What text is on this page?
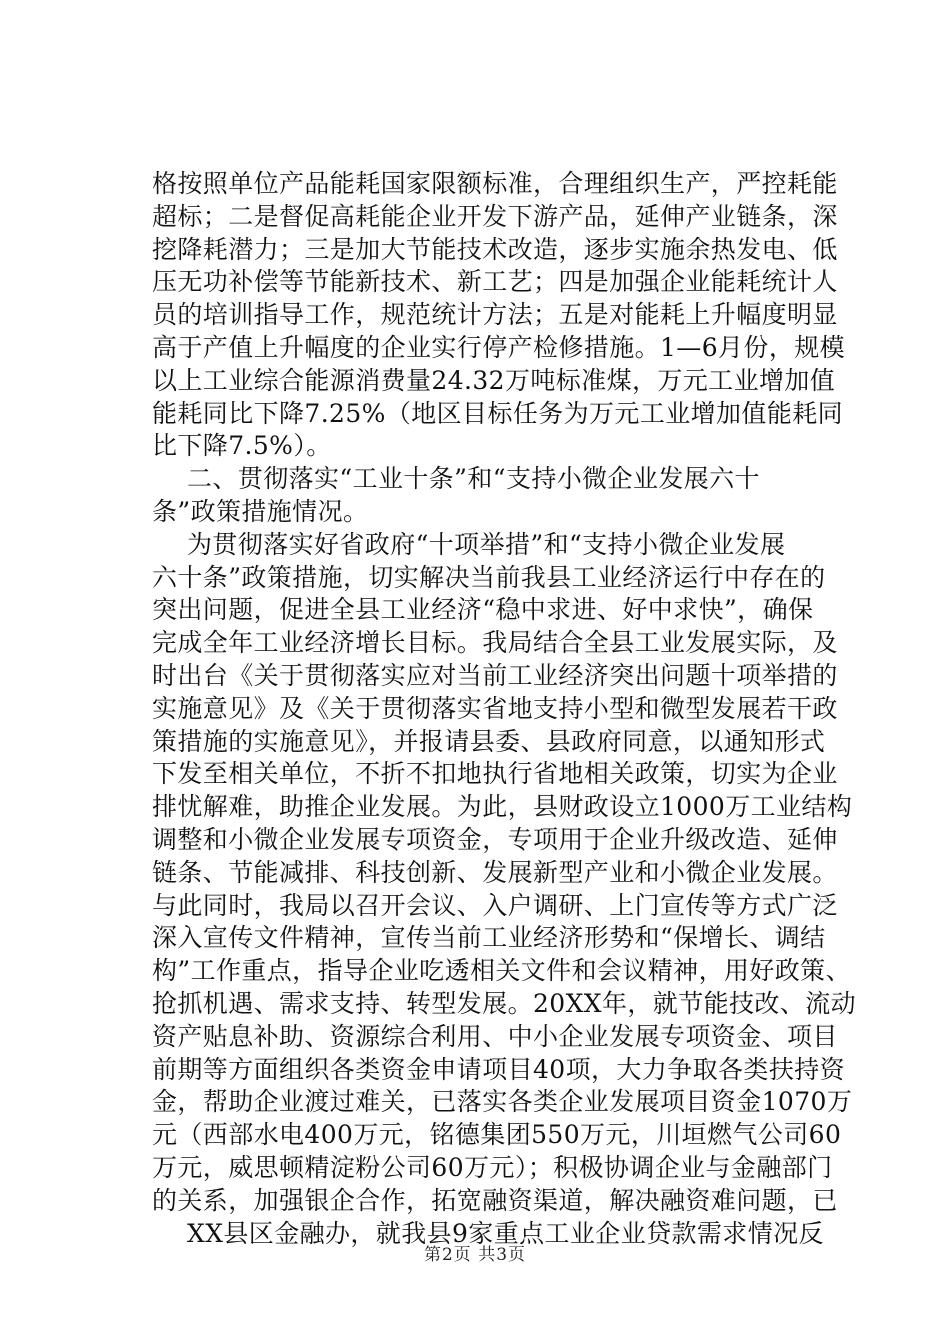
格按照单位产品能耗国家限额标准，合理组织生产，严控耗能
超标；二是督促高耗能企业开发下游产品，延伸产业链条，深
挖降耗潜力；三是加大节能技术改造，逐步实施余热发电、低
压无功补偿等节能新技术、新工艺；四是加强企业能耗统计人
员的培训指导工作，规范统计方法；五是对能耗上升幅度明显
高于产值上升幅度的企业实行停产检修措施。1—6月份，规模
以上工业综合能源消费量24.32万吨标准煤，万元工业增加值
能耗同比下降7.25%（地区目标任务为万元工业增加值能耗同
比下降7.5%）。
二、贯彻落实“工业十条”和“支持小微企业发展六十
条”政策措施情况。
为贯彻落实好省政府“十项举措”和“支持小微企业发展
六十条”政策措施，切实解决当前我县工业经济运行中存在的
突出问题，促进全县工业经济“稳中求进、好中求快”，确保
完成全年工业经济增长目标。我局结合全县工业发展实际，及
时出台《关于贯彻落实应对当前工业经济突出问题十项举措的
实施意见》及《关于贯彻落实省地支持小型和微型发展若干政
策措施的实施意见》，并报请县委、县政府同意，以通知形式
下发至相关单位，不折不扣地执行省地相关政策，切实为企业
排忧解难，助推企业发展。为此，县财政设立1000万工业结构
调整和小微企业发展专项资金，专项用于企业升级改造、延伸
链条、节能减排、科技创新、发展新型产业和小微企业发展。
与此同时，我局以召开会议、入户调研、上门宣传等方式广泛
深入宣传文件精神，宣传当前工业经济形势和“保增长、调结
构”工作重点，指导企业吃透相关文件和会议精神，用好政策、
抢抓机遇、需求支持、转型发展。20XX年，就节能技改、流动
资产贴息补助、资源综合利用、中小企业发展专项资金、项目
前期等方面组织各类资金申请项目40项，大力争取各类扶持资
金，帮助企业渡过难关，已落实各类企业发展项目资金1070万
元（西部水电400万元，铭德集团550万元，川垣燃气公司60
万元，威思顿精淀粉公司60万元）；积极协调企业与金融部门
的关系，加强银企合作，拓宽融资渠道，解决融资难问题，已
XX县区金融办，就我县9家重点工业企业贷款需求情况反
第2页 共3页
